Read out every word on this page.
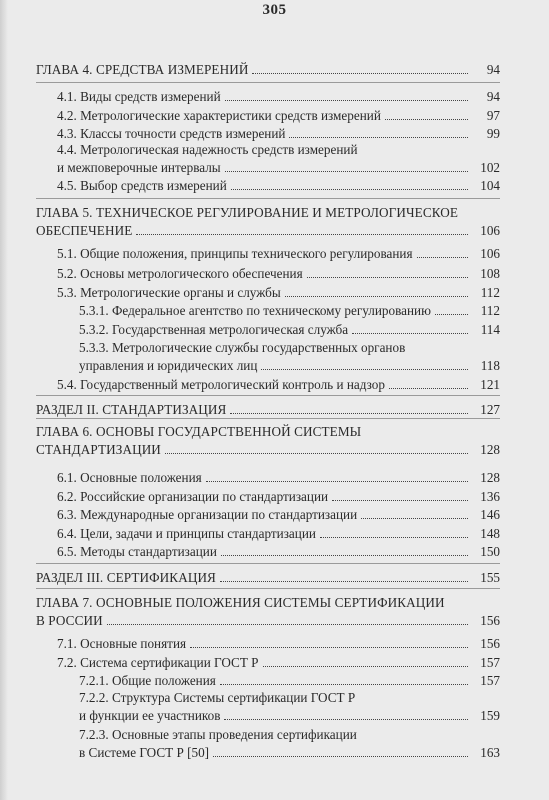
305
ГЛАВА 4. СРЕДСТВА ИЗМЕРЕНИЙ	94
4.1. Виды средств измерений	94
4.2. Метрологические характеристики средств измерений	97
4.3. Классы точности средств измерений	99
4.4. Метрологическая надежность средств измерений
и межповерочные интервалы	102
4.5. Выбор средств измерений	104
ГЛАВА 5. ТЕХНИЧЕСКОЕ РЕГУЛИРОВАНИЕ И МЕТРОЛОГИЧЕСКОЕ
ОБЕСПЕЧЕНИЕ	106
5.1. Общие положения, принципы технического регулирования	106
5.2. Основы метрологического обеспечения	108
5.3. Метрологические органы и службы	112
5.3.1. Федеральное агентство по техническому регулированию	112
5.3.2. Государственная метрологическая служба	114
5.3.3. Метрологические службы государственных органов
управления и юридических лиц	118
5.4. Государственный метрологический контроль и надзор	121
РАЗДЕЛ II. СТАНДАРТИЗАЦИЯ	127
ГЛАВА 6. ОСНОВЫ ГОСУДАРСТВЕННОЙ СИСТЕМЫ
СТАНДАРТИЗАЦИИ	128
6.1. Основные положения	128
6.2. Российские организации по стандартизации	136
6.3. Международные организации по стандартизации	146
6.4. Цели, задачи и принципы стандартизации	148
6.5. Методы стандартизации	150
РАЗДЕЛ III. СЕРТИФИКАЦИЯ	155
ГЛАВА 7. ОСНОВНЫЕ ПОЛОЖЕНИЯ СИСТЕМЫ СЕРТИФИКАЦИИ
В РОССИИ	156
7.1. Основные понятия	156
7.2. Система сертификации ГОСТ Р	157
7.2.1. Общие положения	157
7.2.2. Структура Системы сертификации ГОСТ Р
и функции ее участников	159
7.2.3. Основные этапы проведения сертификации
в Системе ГОСТ Р [50]	163
